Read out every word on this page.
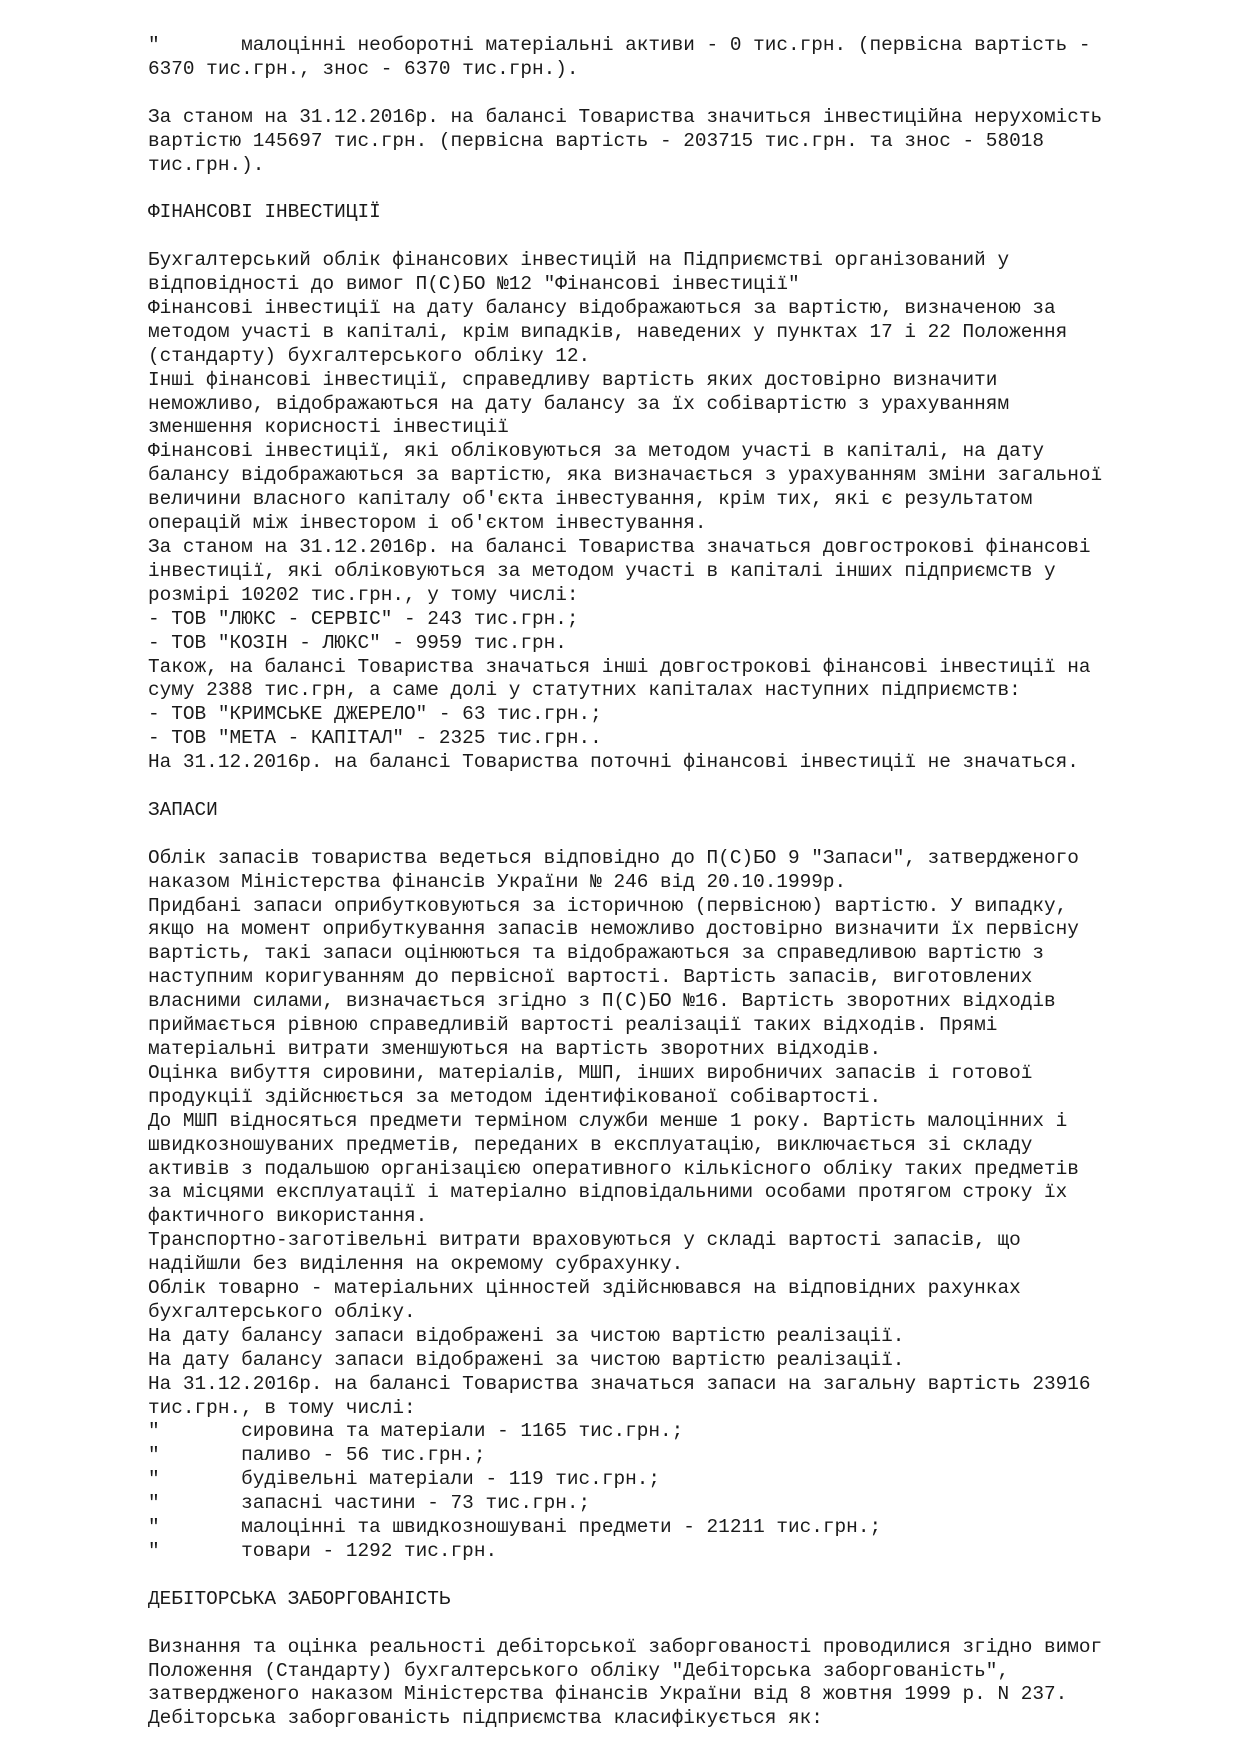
"       малоцінні необоротні матеріальні активи - 0 тис.грн. (первісна вартість -
6370 тис.грн., знос - 6370 тис.грн.).
За станом на 31.12.2016р. на балансі Товариства значиться інвестиційна нерухомість
вартістю 145697 тис.грн. (первісна вартість - 203715 тис.грн. та знос - 58018
тис.грн.).
ФІНАНСОВІ ІНВЕСТИЦІЇ
Бухгалтерський облік фінансових інвестицій на Підприємстві організований у
відповідності до вимог П(С)БО №12 "Фінансові інвестиції"
Фінансові інвестиції на дату балансу відображаються за вартістю, визначеною за
методом участі в капіталі, крім випадків, наведених у пунктах 17 і 22 Положення
(стандарту) бухгалтерського обліку 12.
Інші фінансові інвестиції, справедливу вартість яких достовірно визначити
неможливо, відображаються на дату балансу за їх собівартістю з урахуванням
зменшення корисності інвестиції
Фінансові інвестиції, які обліковуються за методом участі в капіталі, на дату
балансу відображаються за вартістю, яка визначається з урахуванням зміни загальної
величини власного капіталу об'єкта інвестування, крім тих, які є результатом
операцій між інвестором і об'єктом інвестування.
За станом на 31.12.2016р. на балансі Товариства значаться довгострокові фінансові
інвестиції, які обліковуються за методом участі в капіталі інших підприємств у
розмірі 10202 тис.грн., у тому числі:
- ТОВ "ЛЮКС - СЕРВІС" - 243 тис.грн.;
- ТОВ "КОЗІН - ЛЮКС" - 9959 тис.грн.
Також, на балансі Товариства значаться інші довгострокові фінансові інвестиції на
суму 2388 тис.грн, а саме долі у статутних капіталах наступних підприємств:
- ТОВ "КРИМСЬКЕ ДЖЕРЕЛО" - 63 тис.грн.;
- ТОВ "МЕТА - КАПІТАЛ" - 2325 тис.грн..
На 31.12.2016р. на балансі Товариства поточні фінансові інвестиції не значаться.
ЗАПАСИ
Облік запасів товариства ведеться відповідно до П(С)БО 9 "Запаси", затвердженого
наказом Міністерства фінансів України № 246 від 20.10.1999р.
Придбані запаси оприбутковуються за історичною (первісною) вартістю. У випадку,
якщо на момент оприбуткування запасів неможливо достовірно визначити їх первісну
вартість, такі запаси оцінюються та відображаються за справедливою вартістю з
наступним коригуванням до первісної вартості. Вартість запасів, виготовлених
власними силами, визначається згідно з П(С)БО №16. Вартість зворотних відходів
приймається рівною справедливій вартості реалізації таких відходів. Прямі
матеріальні витрати зменшуються на вартість зворотних відходів.
Оцінка вибуття сировини, матеріалів, МШП, інших виробничих запасів і готової
продукції здійснюється за методом ідентифікованої собівартості.
До МШП відносяться предмети терміном служби менше 1 року. Вартість малоцінних і
швидкозношуваних предметів, переданих в експлуатацію, виключається зі складу
активів з подальшою організацією оперативного кількісного обліку таких предметів
за місцями експлуатації і матеріално відповідальними особами протягом строку їх
фактичного використання.
Транспортно-заготівельні витрати враховуються у складі вартості запасів, що
надійшли без виділення на окремому субрахунку.
Облік товарно - матеріальних цінностей здійснювався на відповідних рахунках
бухгалтерського обліку.
На дату балансу запаси відображені за чистою вартістю реалізації.
На дату балансу запаси відображені за чистою вартістю реалізації.
На 31.12.2016р. на балансі Товариства значаться запаси на загальну вартість 23916
тис.грн., в тому числі:
"       сировина та матеріали - 1165 тис.грн.;
"       паливо - 56 тис.грн.;
"       будівельні матеріали - 119 тис.грн.;
"       запасні частини - 73 тис.грн.;
"       малоцінні та швидкозношувані предмети - 21211 тис.грн.;
"       товари - 1292 тис.грн.
ДЕБІТОРСЬКА ЗАБОРГОВАНІСТЬ
Визнання та оцінка реальності дебіторської заборгованості проводилися згідно вимог
Положення (Стандарту) бухгалтерського обліку "Дебіторська заборгованість",
затвердженого наказом Міністерства фінансів України від 8 жовтня 1999 р. N 237.
Дебіторська заборгованість підприємства класифікується як:
